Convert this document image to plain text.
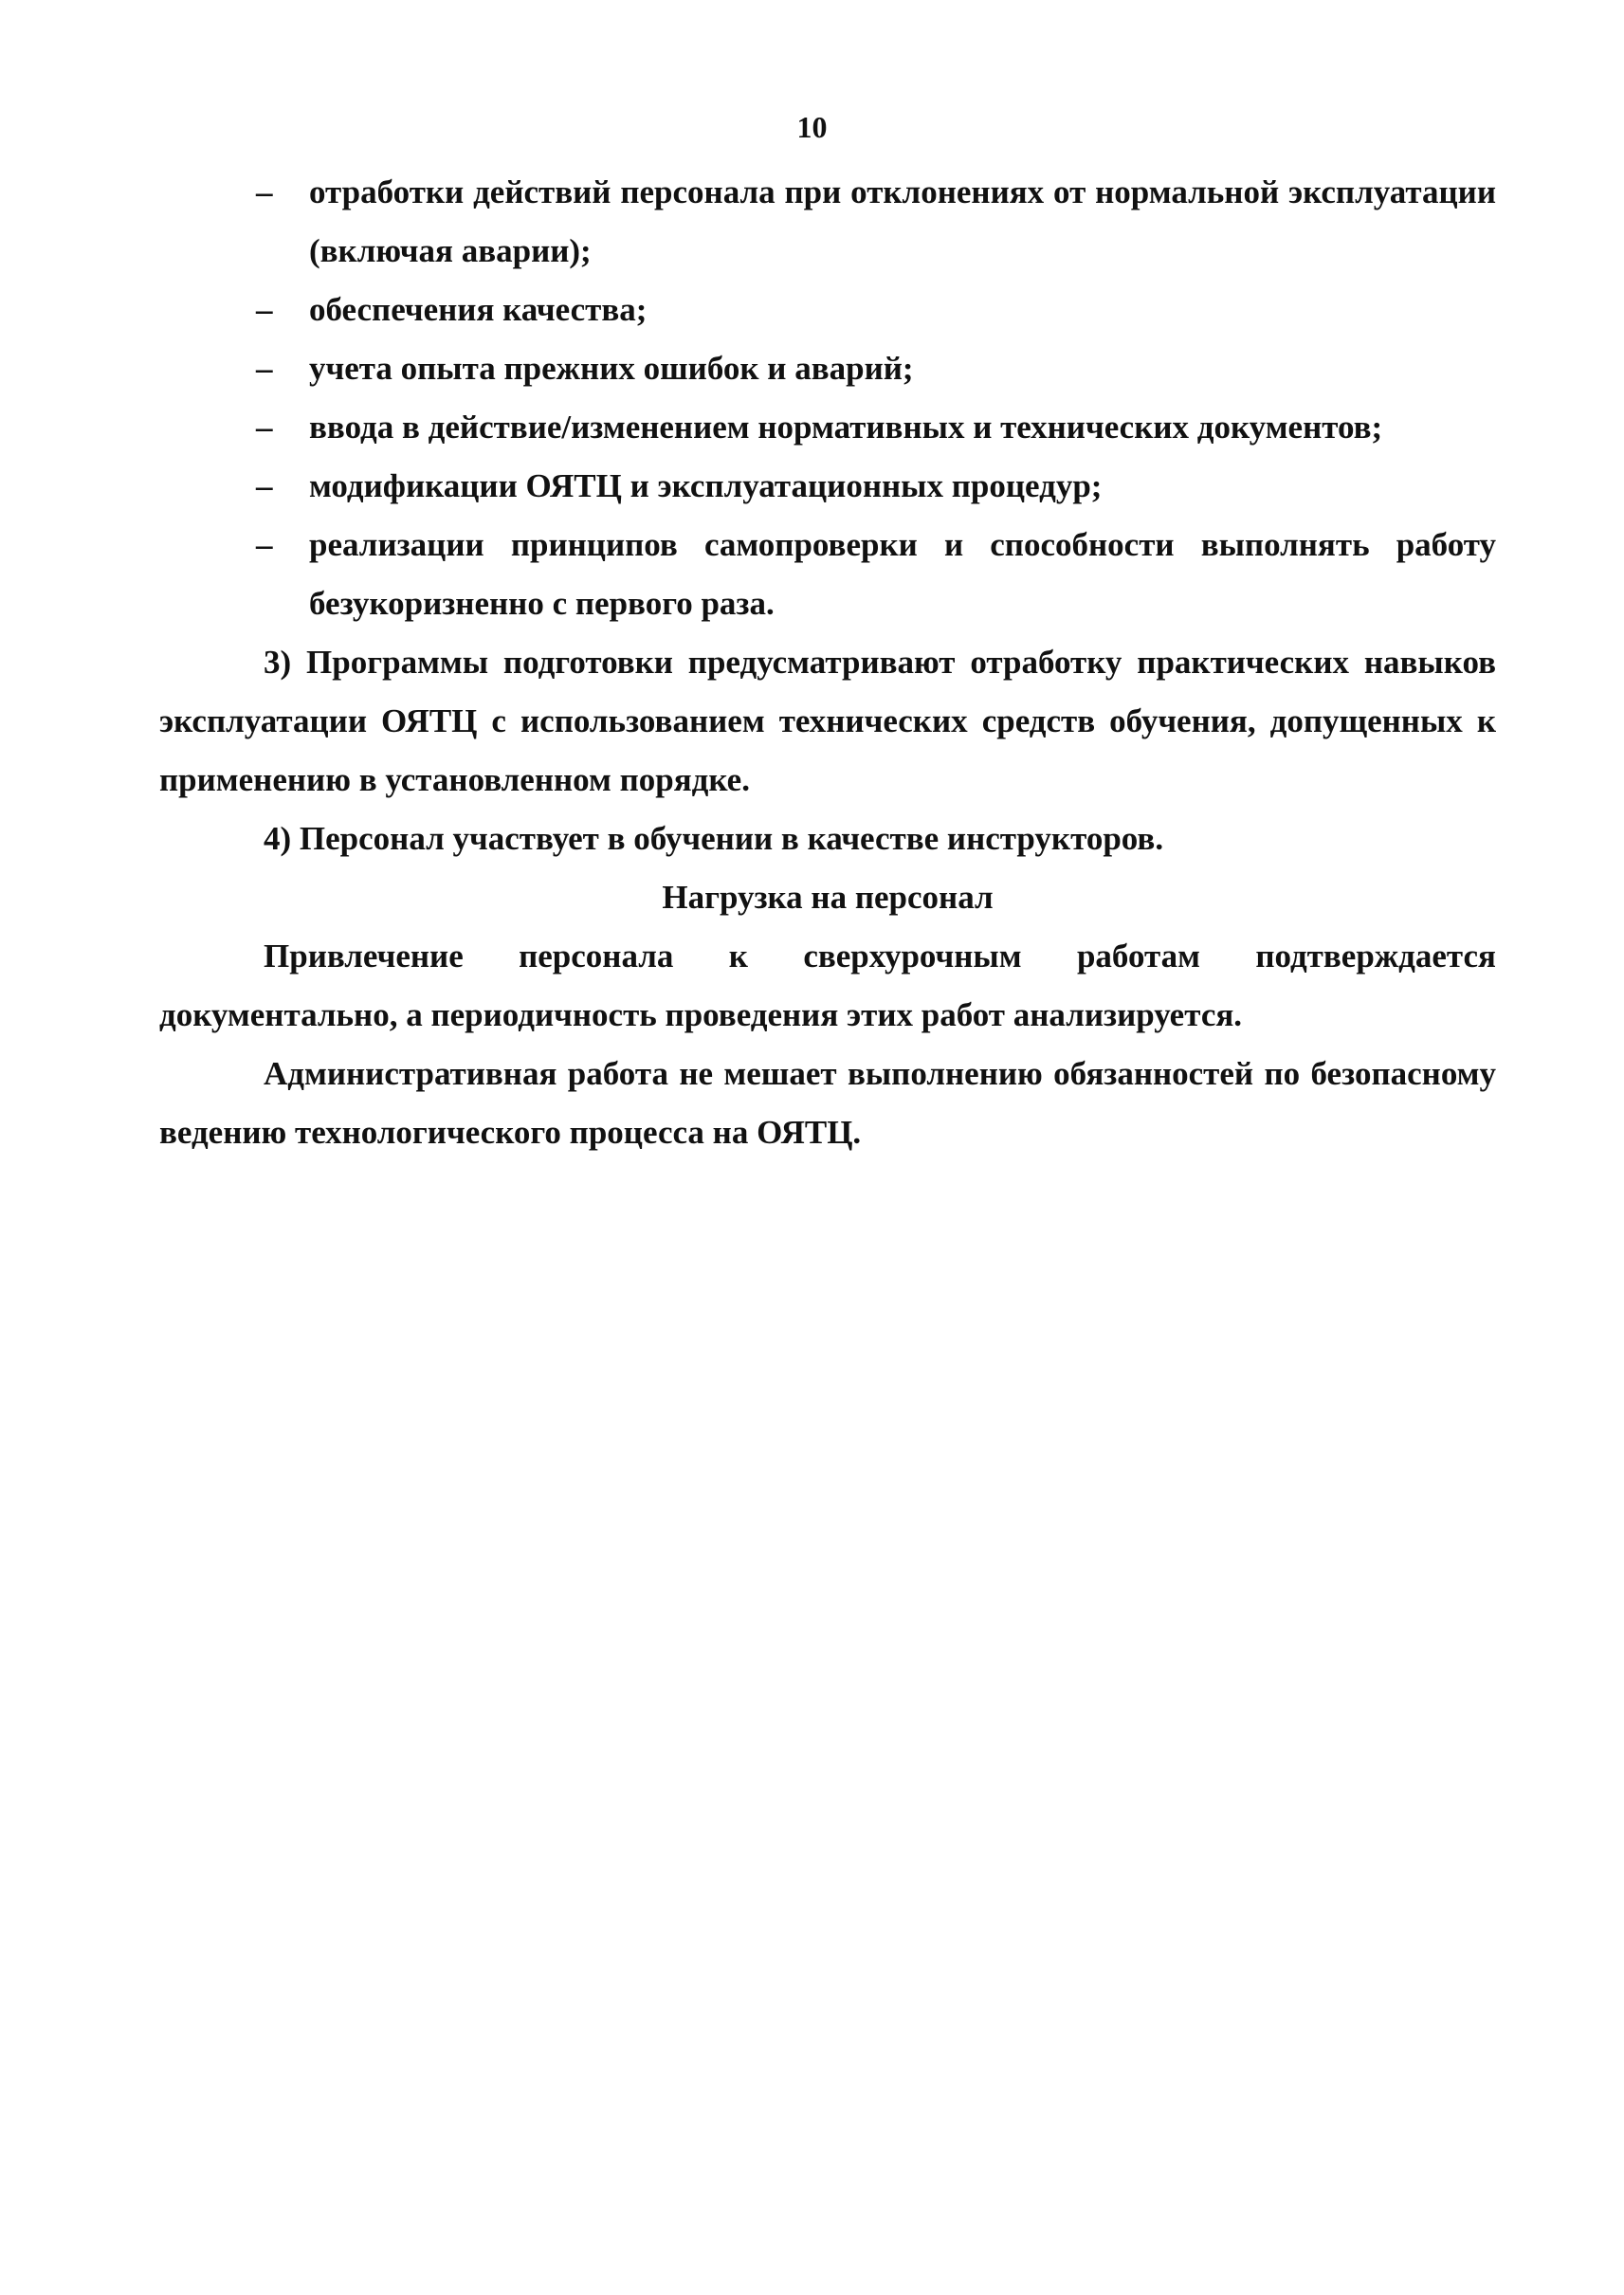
10
– отработки действий персонала при отклонениях от нормальной эксплуатации (включая аварии);
– обеспечения качества;
– учета опыта прежних ошибок и аварий;
– ввода в действие/изменением нормативных и технических документов;
– модификации ОЯТЦ и эксплуатационных процедур;
– реализации принципов самопроверки и способности выполнять работу безукоризненно с первого раза.
3) Программы подготовки предусматривают отработку практических навыков эксплуатации ОЯТЦ с использованием технических средств обучения, допущенных к применению в установленном порядке.
4) Персонал участвует в обучении в качестве инструкторов.
Нагрузка на персонал
Привлечение персонала к сверхурочным работам подтверждается документально, а периодичность проведения этих работ анализируется.
Административная работа не мешает выполнению обязанностей по безопасному ведению технологического процесса на ОЯТЦ.
